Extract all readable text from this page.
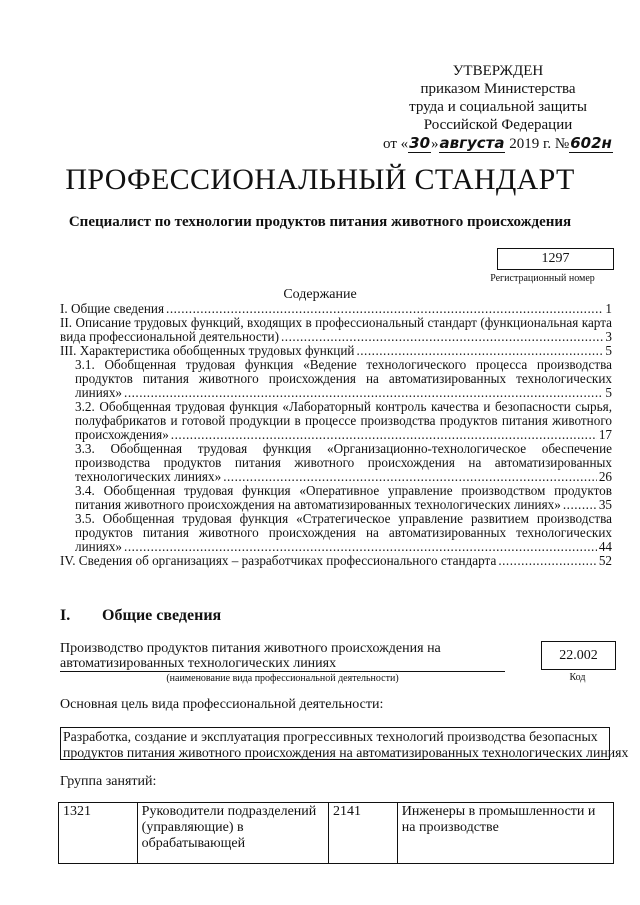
УТВЕРЖДЕН
приказом Министерства
труда и социальной защиты
Российской Федерации
от «30»августа 2019 г. №602н
ПРОФЕССИОНАЛЬНЫЙ СТАНДАРТ
Специалист по технологии продуктов питания животного происхождения
1297
Регистрационный номер
Содержание
I. Общие сведения .....	1
II. Описание трудовых функций, входящих в профессиональный стандарт (функциональная карта
вида профессиональной деятельности) .....	3
III. Характеристика обобщенных трудовых функций .....	5
3.1. Обобщенная трудовая функция «Ведение технологического процесса производства
продуктов питания животного происхождения на автоматизированных технологических
линиях» .....	5
3.2. Обобщенная трудовая функция «Лабораторный контроль качества и безопасности сырья,
полуфабрикатов и готовой продукции в процессе производства продуктов питания животного
происхождения» .....	17
3.3. Обобщенная трудовая функция «Организационно-технологическое обеспечение
производства продуктов питания животного происхождения на автоматизированных
технологических линиях» .....	26
3.4. Обобщенная трудовая функция «Оперативное управление производством продуктов
питания животного происхождения на автоматизированных технологических линиях» .....	35
3.5. Обобщенная трудовая функция «Стратегическое управление развитием производства
продуктов питания животного происхождения на автоматизированных технологических
линиях» .....	44
IV. Сведения об организациях – разработчиках профессионального стандарта .....	52
I. Общие сведения
Производство продуктов питания животного происхождения на
автоматизированных технологических линиях
(наименование вида профессиональной деятельности)
22.002
Код
Основная цель вида профессиональной деятельности:
Разработка, создание и эксплуатация прогрессивных технологий производства безопасных
продуктов питания животного происхождения на автоматизированных технологических линиях
Группа занятий:
1321	Руководители подразделений (управляющие) в обрабатывающей	2141	Инженеры в промышленности и на производстве
